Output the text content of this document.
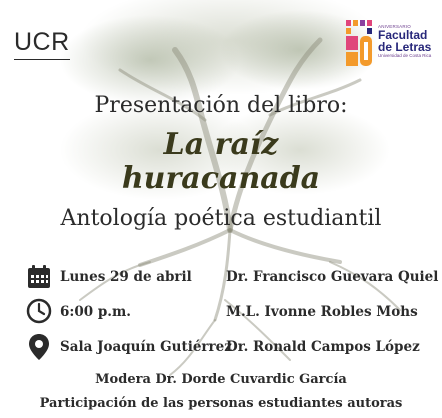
UCR
ANIVERSARIO
Facultad
de Letras
Universidad de Costa Rica
Presentación del libro:
La raíz
huracanada
Antología poética estudiantil
Lunes 29 de abril	Dr. Francisco Guevara Quiel
6:00 p.m.	M.L. Ivonne Robles Mohs
Sala Joaquín Gutiérrez
Dr. Ronald Campos López
Modera Dr. Dorde Cuvardic García
Participación de las personas estudiantes autoras
